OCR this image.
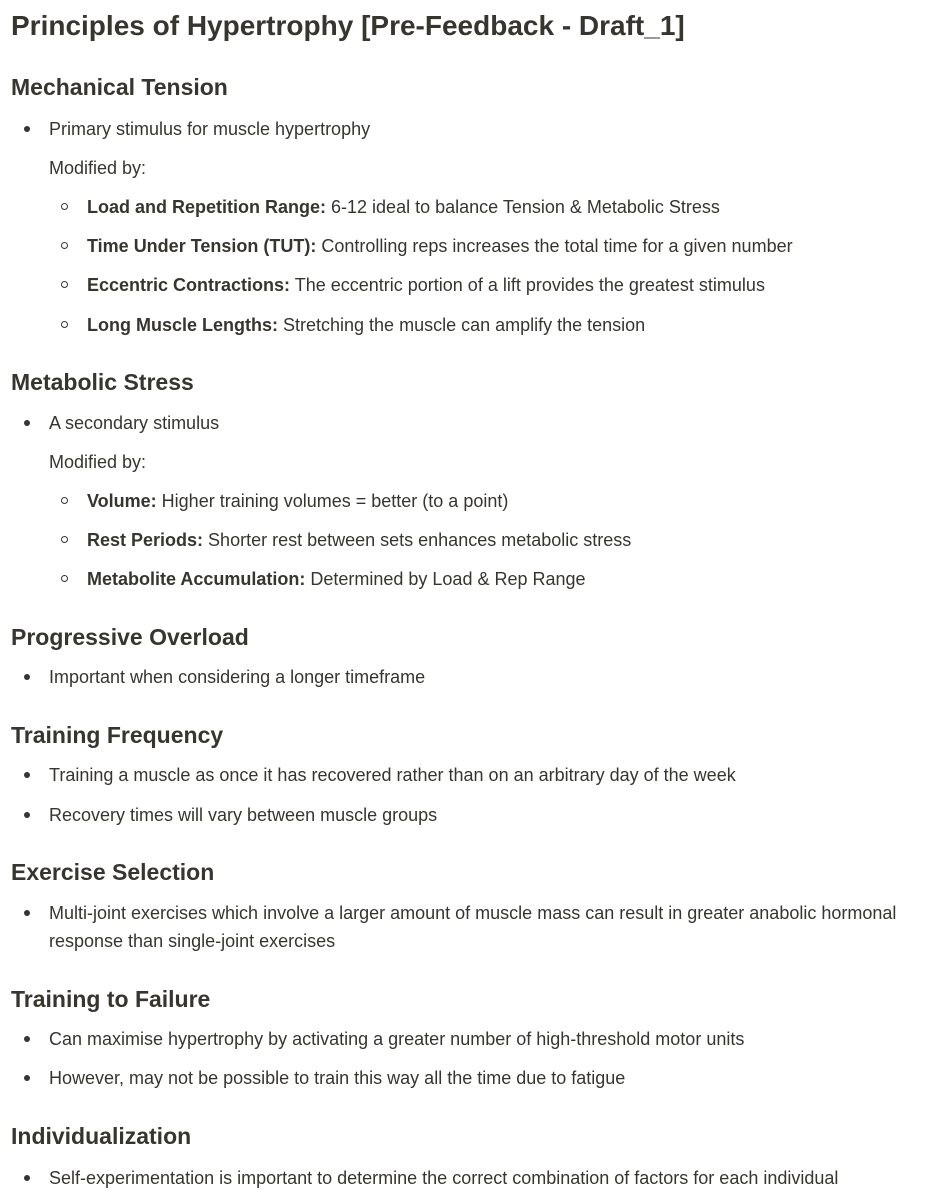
Principles of Hypertrophy [Pre-Feedback - Draft_1]
Mechanical Tension
Primary stimulus for muscle hypertrophy
Modified by:
Load and Repetition Range: 6-12 ideal to balance Tension & Metabolic Stress
Time Under Tension (TUT): Controlling reps increases the total time for a given number
Eccentric Contractions: The eccentric portion of a lift provides the greatest stimulus
Long Muscle Lengths: Stretching the muscle can amplify the tension
Metabolic Stress
A secondary stimulus
Modified by:
Volume: Higher training volumes = better (to a point)
Rest Periods: Shorter rest between sets enhances metabolic stress
Metabolite Accumulation: Determined by Load & Rep Range
Progressive Overload
Important when considering a longer timeframe
Training Frequency
Training a muscle as once it has recovered rather than on an arbitrary day of the week
Recovery times will vary between muscle groups
Exercise Selection
Multi-joint exercises which involve a larger amount of muscle mass can result in greater anabolic hormonal response than single-joint exercises
Training to Failure
Can maximise hypertrophy by activating a greater number of high-threshold motor units
However, may not be possible to train this way all the time due to fatigue
Individualization
Self-experimentation is important to determine the correct combination of factors for each individual
